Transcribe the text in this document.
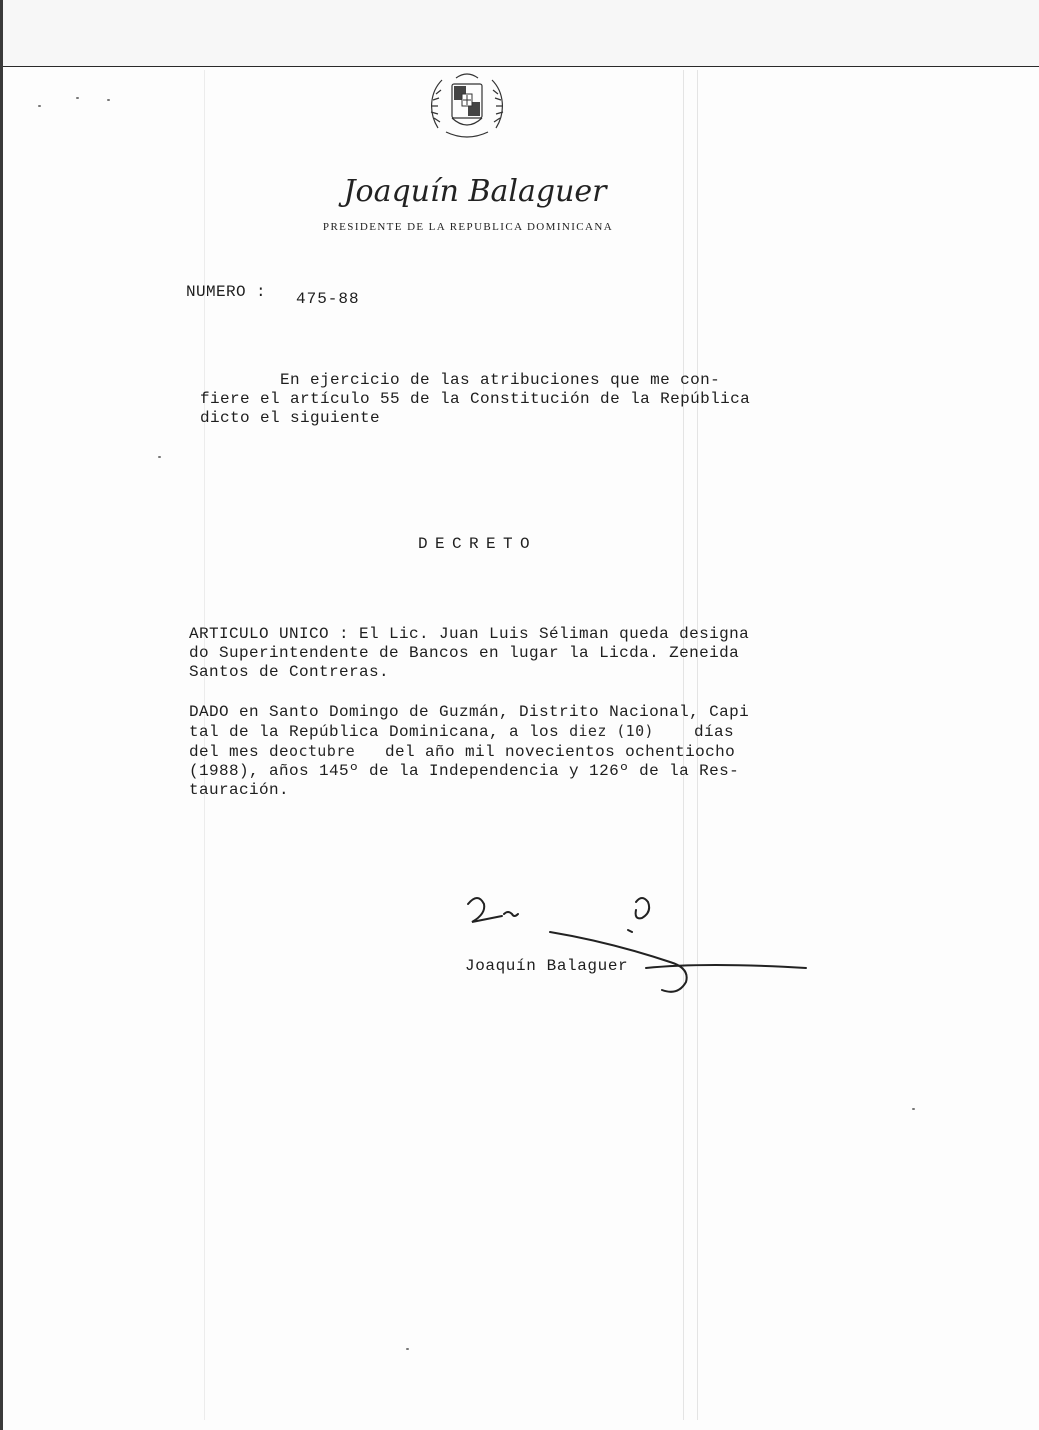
Joaquín Balaguer
PRESIDENTE DE LA REPUBLICA DOMINICANA
NUMERO : 475-88
En ejercicio de las atribuciones que me con-
fiere el artículo 55 de la Constitución de la República
dicto el siguiente
DECRETO
ARTICULO UNICO : El Lic. Juan Luis Séliman queda designa
do Superintendente de Bancos en lugar la Licda. Zeneida
Santos de Contreras.
DADO en Santo Domingo de Guzmán, Distrito Nacional, Capi
tal de la República Dominicana, a los diez (10)    días
del mes deoctubre   del año mil novecientos ochentiocho
(1988), años 145º de la Independencia y 126º de la Res-
tauración.
Joaquín Balaguer
